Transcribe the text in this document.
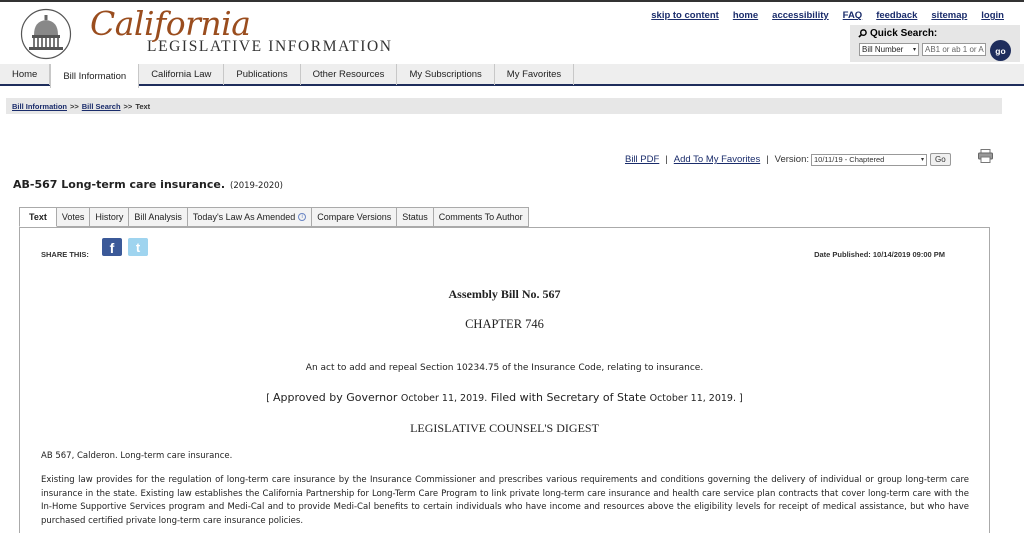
California
LEGISLATIVE INFORMATION
skip to content home accessibility FAQ feedback sitemap login
Quick Search:
Bill Number ▾	AB1 or ab 1 or A	go
Home	Bill Information	California Law	Publications	Other Resources	My Subscriptions	My Favorites
Bill Information >> Bill Search >> Text
Bill PDF | Add To My Favorites | Version: 10/11/19 - Chaptered	▾	Go
AB-567 Long-term care insurance. (2019-2020)
Text	Votes	History	Bill Analysis	Today's Law As Amended	i	Compare Versions	Status	Comments To Author
SHARE THIS:	f	t	Date Published: 10/14/2019 09:00 PM
Assembly Bill No. 567
CHAPTER 746
An act to add and repeal Section 10234.75 of the Insurance Code, relating to insurance.
[ Approved by Governor October 11, 2019. Filed with Secretary of State October 11, 2019. ]
LEGISLATIVE COUNSEL'S DIGEST
AB 567, Calderon. Long-term care insurance.
Existing law provides for the regulation of long-term care insurance by the Insurance Commissioner and prescribes various requirements and conditions governing the delivery of individual or group long-term care insurance in the state. Existing law establishes the California Partnership for Long-Term Care Program to link private long-term care insurance and health care service plan contracts that cover long-term care with the In-Home Supportive Services program and Medi-Cal and to provide Medi-Cal benefits to certain individuals who have income and resources above the eligibility levels for receipt of medical assistance, but who have purchased certified private long-term care insurance policies.
